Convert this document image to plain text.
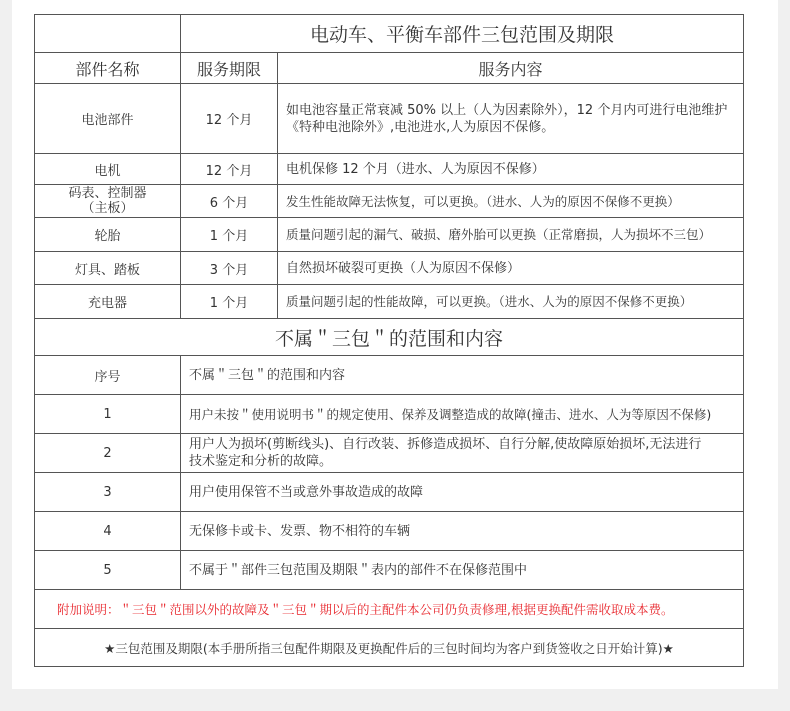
	电动车、平衡车部件三包范围及期限	
部件名称	服务期限	服务内容
电池部件	12 个月	如电池容量正常衰减 50% 以上（人为因素除外），12 个月内可进行电池维护《特种电池除外》,电池进水,人为原因不保修。
电机	12 个月	电机保修 12 个月（进水、人为原因不保修）
码表、控制器（主板）	6 个月	发生性能故障无法恢复，可以更换。（进水、人为的原因不保修不更换）
轮胎	1 个月	质量问题引起的漏气、破损、磨外胎可以更换（正常磨损，人为损坏不三包）
灯具、踏板	3 个月	自然损坏破裂可更换（人为原因不保修）
充电器	1 个月	质量问题引起的性能故障，可以更换。（进水、人为的原因不保修不更换）
不属＂三包＂的范围和内容		
序号	不属＂三包＂的范围和内容	
1	用户未按＂使用说明书＂的规定使用、保养及调整造成的故障(撞击、进水、人为等原因不保修)	
2	用户人为损坏(剪断线头)、自行改装、拆修造成损坏、自行分解,使故障原始损坏,无法进行技术鉴定和分析的故障。	
3	用户使用保管不当或意外事故造成的故障	
4	无保修卡或卡、发票、物不相符的车辆	
5	不属于＂部件三包范围及期限＂表内的部件不在保修范围中	
附加说明：＂三包＂范围以外的故障及＂三包＂期以后的主配件本公司仍负责修理,根据更换配件需收取成本费。		
★三包范围及期限(本手册所指三包配件期限及更换配件后的三包时间均为客户到货签收之日开始计算)★		
